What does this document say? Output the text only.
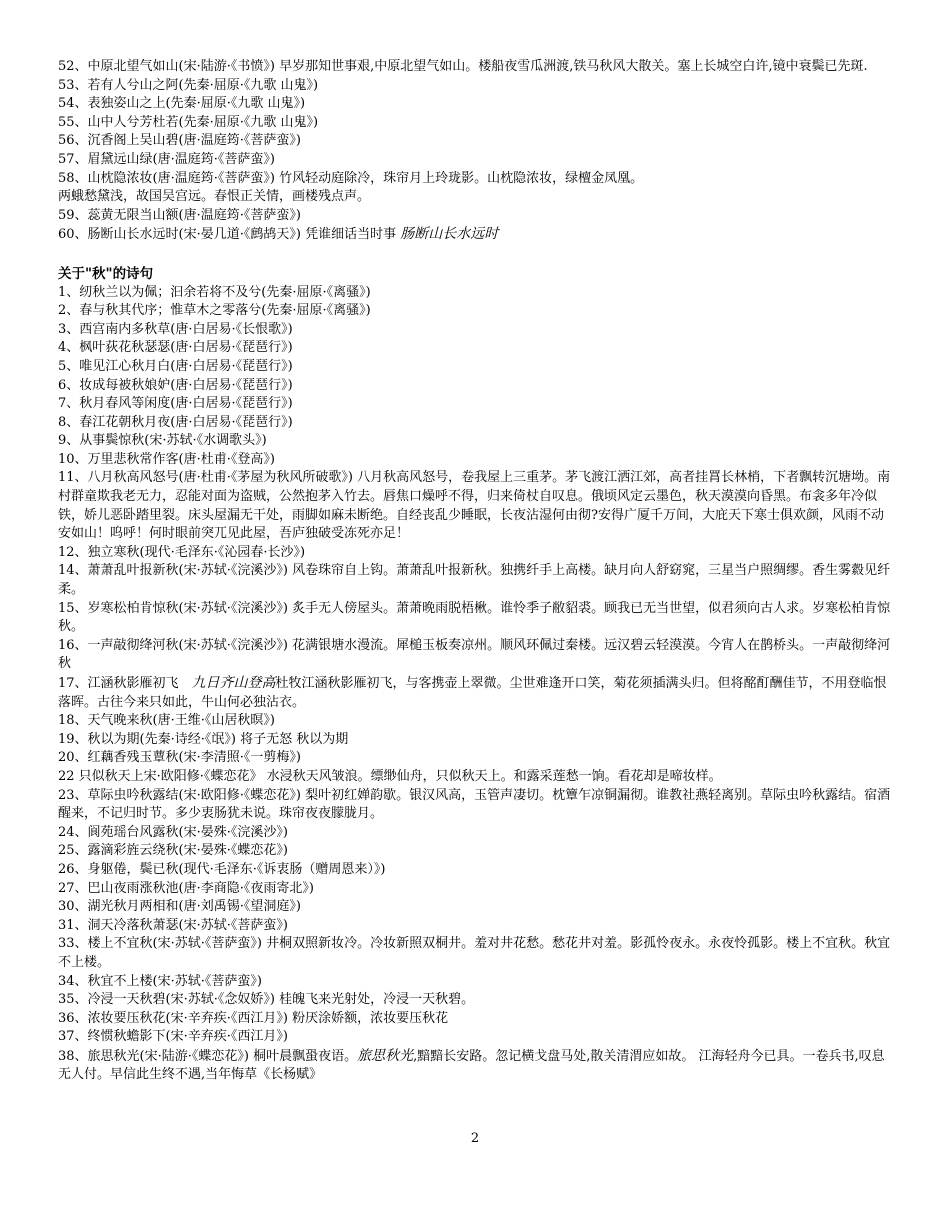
52、中原北望气如山(宋·陆游·《书愤》) 早岁那知世事艰,中原北望气如山。楼船夜雪瓜洲渡,铁马秋风大散关。塞上长城空白许,镜中衰鬓已先斑.

53、若有人兮山之阿(先秦·屈原·《九歌 山鬼》)

54、表独姿山之上(先秦·屈原·《九歌 山鬼》)

55、山中人兮芳杜若(先秦·屈原·《九歌 山鬼》)

56、沉香阁上吴山碧(唐·温庭筠·《菩萨蛮》)

57、眉黛远山绿(唐·温庭筠·《菩萨蛮》)

58、山枕隐浓妆(唐·温庭筠·《菩萨蛮》) 竹风轻动庭除冷，珠帘月上玲珑影。山枕隐浓妆，绿檀金凤凰。

两蛾愁黛浅，故国吴宫远。春恨正关情，画楼残点声。

59、蕊黄无限当山额(唐·温庭筠·《菩萨蛮》)

60、肠断山长水远时(宋·晏几道·《鹧鸪天》) 凭谁细话当时事 肠断山长水远时

关于"秋"的诗句

1、纫秋兰以为佩；汩余若将不及兮(先秦·屈原·《离骚》)

2、春与秋其代序；惟草木之零落兮(先秦·屈原·《离骚》)

3、西宫南内多秋草(唐·白居易·《长恨歌》)

4、枫叶荻花秋瑟瑟(唐·白居易·《琵琶行》)

5、唯见江心秋月白(唐·白居易·《琵琶行》)

6、妆成每被秋娘妒(唐·白居易·《琵琶行》)

7、秋月春风等闲度(唐·白居易·《琵琶行》)

8、春江花朝秋月夜(唐·白居易·《琵琶行》)

9、从事鬓惊秋(宋·苏轼·《水调歌头》)

10、万里悲秋常作客(唐·杜甫·《登高》)

11、八月秋高风怒号(唐·杜甫·《茅屋为秋风所破歌》) 八月秋高风怒号，卷我屋上三重茅。茅飞渡江洒江郊，高者挂罥长林梢，下者飘转沉塘坳。南村群童欺我老无力，忍能对面为盗贼，公然抱茅入竹去。唇焦口燥呼不得，归来倚杖自叹息。俄顷风定云墨色，秋天漠漠向昏黑。布衾多年冷似铁，娇儿恶卧踏里裂。床头屋漏无干处，雨脚如麻未断绝。自经丧乱少睡眠，长夜沾湿何由彻?安得广厦千万间，大庇天下寒士俱欢颜，风雨不动安如山！呜呼！何时眼前突兀见此屋，吾庐独破受冻死亦足！

12、独立寒秋(现代·毛泽东·《沁园春·长沙》)

14、萧萧乱叶报新秋(宋·苏轼·《浣溪沙》) 风卷珠帘自上钩。萧萧乱叶报新秋。独携纤手上高楼。缺月向人舒窈窕，三星当户照绸缪。香生雾縠见纤柔。

15、岁寒松柏肯惊秋(宋·苏轼·《浣溪沙》) 炙手无人傍屋头。萧萧晚雨脱梧楸。谁怜季子敝貂裘。顾我已无当世望，似君须向古人求。岁寒松柏肯惊秋。

16、一声敲彻绛河秋(宋·苏轼·《浣溪沙》) 花满银塘水漫流。犀槌玉板奏凉州。顺风环佩过秦楼。远汉碧云轻漠漠。今宵人在鹊桥头。一声敲彻绛河秋

17、江涵秋影雁初飞　九日齐山登高杜牧江涵秋影雁初飞，与客携壶上翠微。尘世难逢开口笑，菊花须插满头归。但将酩酊酬佳节，不用登临恨落晖。古往今来只如此，牛山何必独沾衣。

18、天气晚来秋(唐·王维·《山居秋暝》)

19、秋以为期(先秦·诗经·《氓》) 将子无怒 秋以为期

20、红藕香残玉蕈秋(宋·李清照·《一剪梅》)

22 只似秋天上宋·欧阳修·《蝶恋花》 水浸秋天风皱浪。缥缈仙舟，只似秋天上。和露采莲愁一饷。看花却是啼妆样。

23、草际虫吟秋露结(宋·欧阳修·《蝶恋花》) 梨叶初红婵韵歇。银汉风高，玉管声凄切。枕簟乍凉铜漏彻。谁教社燕轻离别。草际虫吟秋露结。宿酒醒来，不记归时节。多少衷肠犹未说。珠帘夜夜朦胧月。

24、阆苑瑶台风露秋(宋·晏殊·《浣溪沙》)

25、露滴彩旌云绕秋(宋·晏殊·《蝶恋花》)

26、身躯倦，鬓已秋(现代·毛泽东·《诉衷肠（赠周恩来）》)

27、巴山夜雨涨秋池(唐·李商隐·《夜雨寄北》)

30、湖光秋月两相和(唐·刘禹锡·《望洞庭》)

31、洞天冷落秋萧瑟(宋·苏轼·《菩萨蛮》)

33、楼上不宜秋(宋·苏轼·《菩萨蛮》) 井桐双照新妆冷。冷妆新照双桐井。羞对井花愁。愁花井对羞。影孤怜夜永。永夜怜孤影。楼上不宜秋。秋宜不上楼。

34、秋宜不上楼(宋·苏轼·《菩萨蛮》)

35、冷浸一天秋碧(宋·苏轼·《念奴娇》) 桂魄飞来光射处，冷浸一天秋碧。

36、浓妆要压秋花(宋·辛弃疾·《西江月》) 粉厌涂娇额，浓妆要压秋花

37、终惯秋蟾影下(宋·辛弃疾·《西江月》)

38、旅思秋光(宋·陆游·《蝶恋花》) 桐叶晨飘蛩夜语。旅思秋光,黯黯长安路。忽记横戈盘马处,散关清渭应如故。 江海轻舟今已具。一卷兵书,叹息无人付。早信此生终不遇,当年悔草《长杨赋》

2
